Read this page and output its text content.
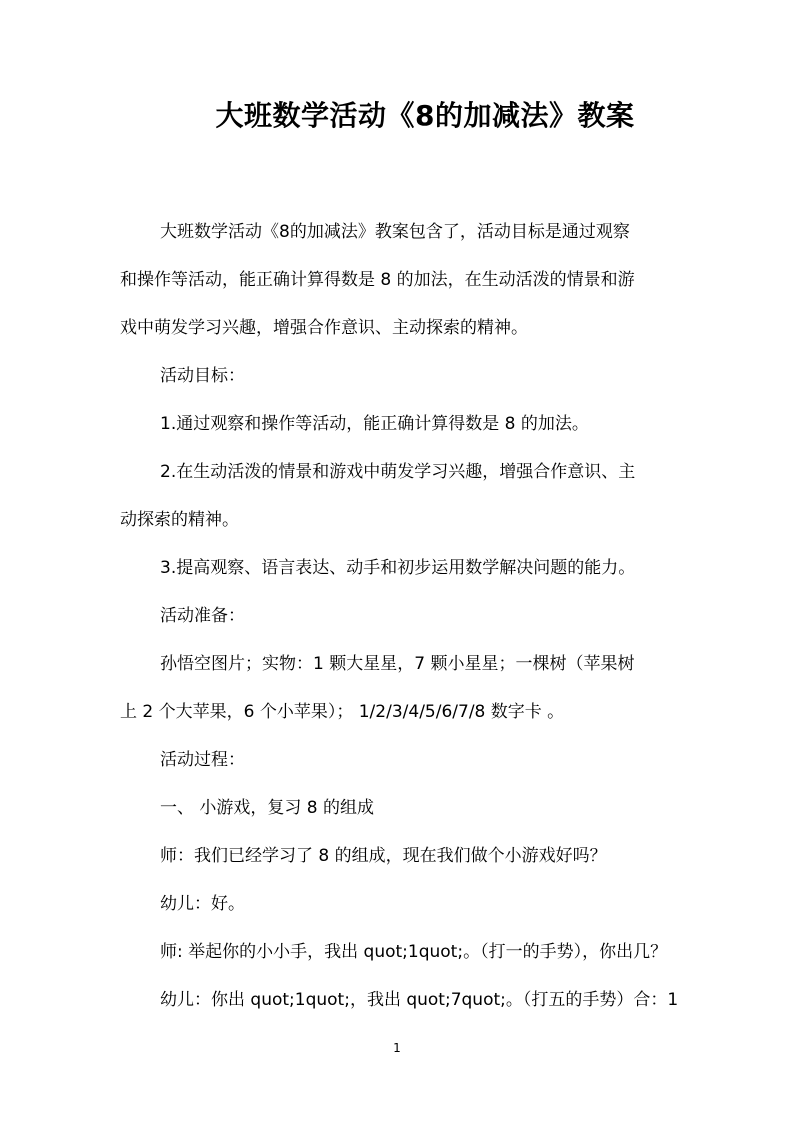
大班数学活动《8的加减法》教案

大班数学活动《8的加减法》教案包含了，活动目标是通过观察

和操作等活动，能正确计算得数是 8 的加法，在生动活泼的情景和游

戏中萌发学习兴趣，增强合作意识、主动探索的精神。

活动目标：

1.通过观察和操作等活动，能正确计算得数是 8 的加法。

2.在生动活泼的情景和游戏中萌发学习兴趣，增强合作意识、主

动探索的精神。

3.提高观察、语言表达、动手和初步运用数学解决问题的能力。

活动准备：

孙悟空图片；实物：1 颗大星星，7 颗小星星；一棵树（苹果树

上 2 个大苹果，6 个小苹果）； 1/2/3/4/5/6/7/8 数字卡 。

活动过程：

一、 小游戏，复习 8 的组成

师：我们已经学习了 8 的组成，现在我们做个小游戏好吗？

幼儿：好。

师: 举起你的小小手，我出 quot;1quot;。（打一的手势），你出几？

幼儿：你出 quot;1quot;，我出 quot;7quot;。（打五的手势）合：1

1
